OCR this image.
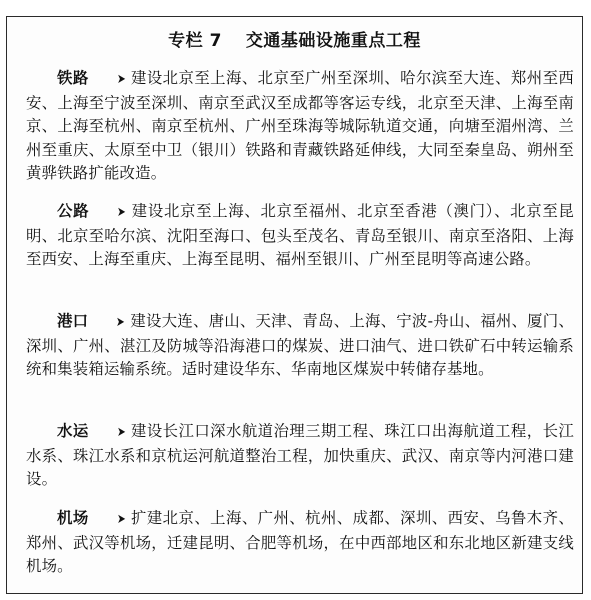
专栏 7　 交通基础设施重点工程
铁路 ➤ 建设北京至上海、北京至广州至深圳、哈尔滨至大连、郑州至西安、上海至宁波至深圳、南京至武汉至成都等客运专线，北京至天津、上海至南京、上海至杭州、南京至杭州、广州至珠海等城际轨道交通，向塘至湄州湾、兰州至重庆、太原至中卫（银川）铁路和青藏铁路延伸线，大同至秦皇岛、朔州至黄骅铁路扩能改造。
公路 ➤ 建设北京至上海、北京至福州、北京至香港（澳门）、北京至昆明、北京至哈尔滨、沈阳至海口、包头至茂名、青岛至银川、南京至洛阳、上海至西安、上海至重庆、上海至昆明、福州至银川、广州至昆明等高速公路。
港口 ➤ 建设大连、唐山、天津、青岛、上海、宁波-舟山、福州、厦门、深圳、广州、湛江及防城等沿海港口的煤炭、进口油气、进口铁矿石中转运输系统和集装箱运输系统。适时建设华东、华南地区煤炭中转储存基地。
水运 ➤ 建设长江口深水航道治理三期工程、珠江口出海航道工程，长江水系、珠江水系和京杭运河航道整治工程，加快重庆、武汉、南京等内河港口建设。
机场 ➤ 扩建北京、上海、广州、杭州、成都、深圳、西安、乌鲁木齐、郑州、武汉等机场，迁建昆明、合肥等机场，在中西部地区和东北地区新建支线机场。
